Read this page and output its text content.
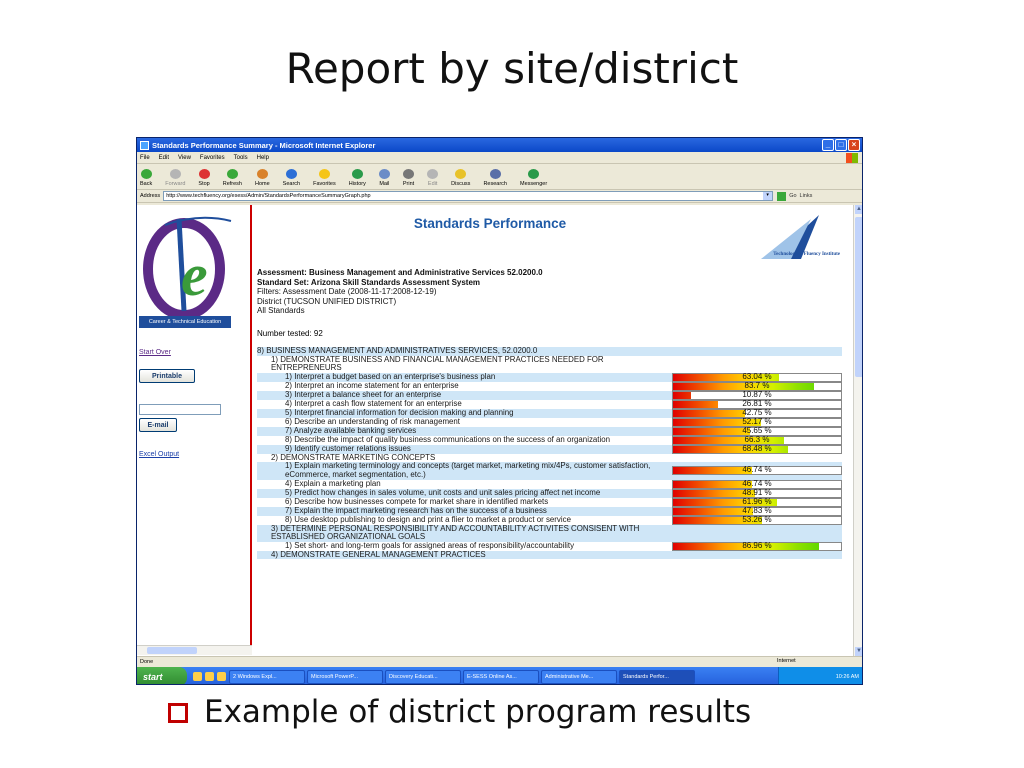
Report by site/district
Standards Performance Summary - Microsoft Internet Explorer	_	□	×
File Edit View Favorites Tools Help
Back Forward Stop Refresh Home Search Favorites History Mail Print	Edit	Discuss Research Messenger
Address http://www.techfluency.org/esess/Admin/StandardsPerformanceSummaryGraph.php	▾	Go Links
e
Career & Technical Education
Start Over
Printable
E-mail
Excel Output
Standards Performance
Technological Fluency Institute
Assessment: Business Management and Administrative Services 52.0200.0
Standard Set: Arizona Skill Standards Assessment System
Filters: Assessment Date (2008-11-17:2008-12-19)
District (TUCSON UNIFIED DISTRICT)
All Standards
Number tested: 92
8) BUSINESS MANAGEMENT AND ADMINISTRATIVES SERVICES, 52.0200.0
1) DEMONSTRATE BUSINESS AND FINANCIAL MANAGEMENT PRACTICES NEEDED FOR ENTREPRENEURS
1) Interpret a budget based on an enterprise's business plan	63.04 %
2) Interpret an income statement for an enterprise	83.7 %
3) Interpret a balance sheet for an enterprise	10.87 %
4) Interpret a cash flow statement for an enterprise	26.81 %
5) Interpret financial information for decision making and planning	42.75 %
6) Describe an understanding of risk management	52.17 %
7) Analyze available banking services	45.65 %
8) Describe the impact of quality business communications on the success of an organization	66.3 %
9) Identify customer relations issues	68.48 %
2) DEMONSTRATE MARKETING CONCEPTS
1) Explain marketing terminology and concepts (target market, marketing mix/4Ps, customer satisfaction, eCommerce, market segmentation, etc.)	46.74 %
4) Explain a marketing plan	46.74 %
5) Predict how changes in sales volume, unit costs and unit sales pricing affect net income	48.91 %
6) Describe how businesses compete for market share in identified markets	61.96 %
7) Explain the impact marketing research has on the success of a business	47.83 %
8) Use desktop publishing to design and print a flier to market a product or service	53.26 %
3) DETERMINE PERSONAL RESPONSIBILITY AND ACCOUNTABILITY ACTIVITES CONSISENT WITH ESTABLISHED ORGANIZATIONAL GOALS
1) Set short- and long-term goals for assigned areas of responsibility/accountability	86.96 %
4) DEMONSTRATE GENERAL MANAGEMENT PRACTICES
▲
▼
Done	Internet
start	2 Windows Expl...	Microsoft PowerP...	Discovery Educati...	E-SESS Online As...	Administrative Me...	Standards Perfor...	10:26 AM
Example of district program results
